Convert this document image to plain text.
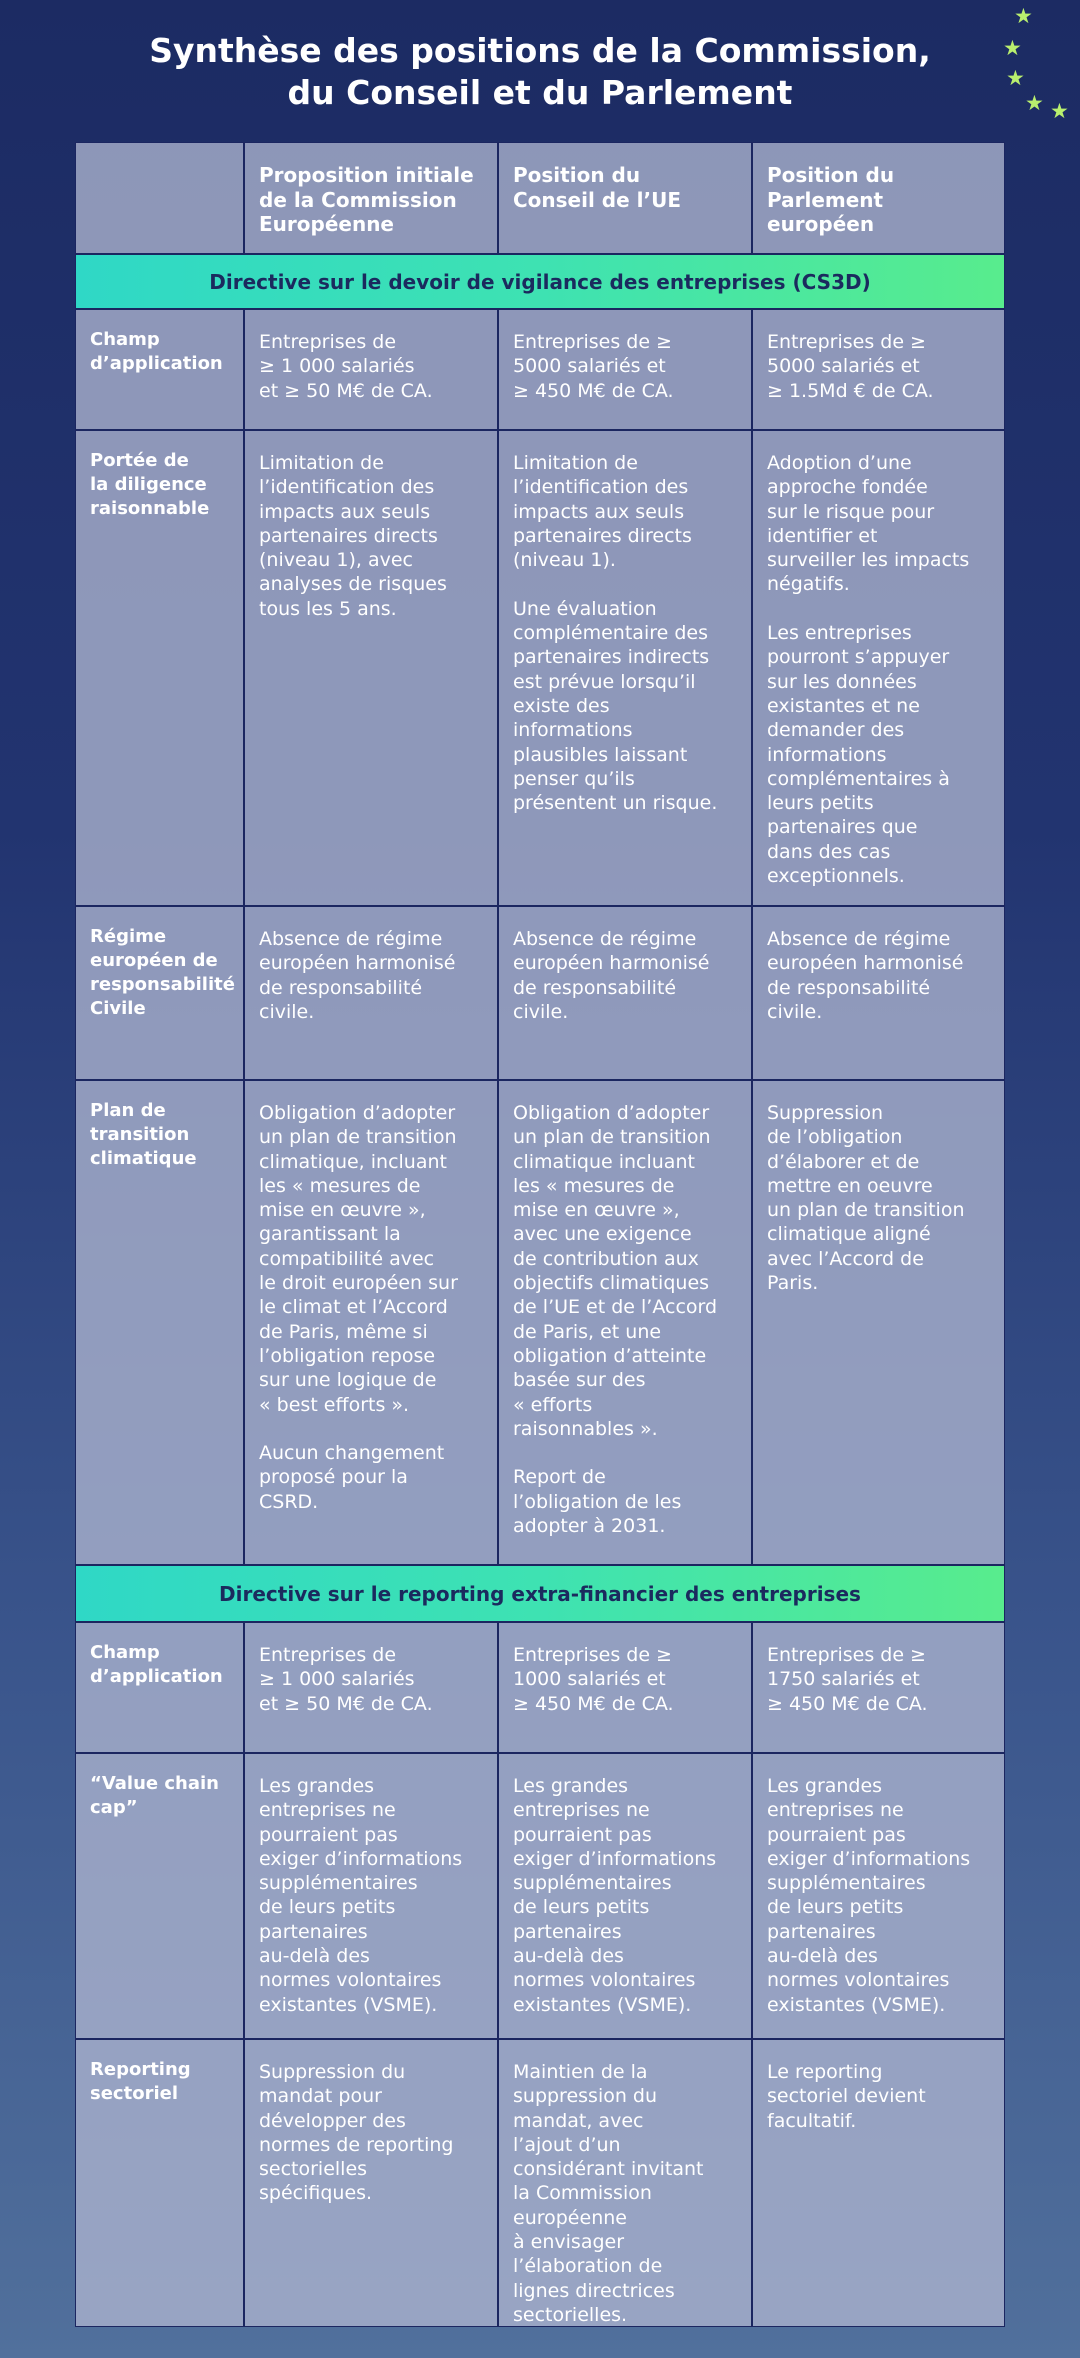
Synthèse des positions de la Commission,
du Conseil et du Parlement
★
★
★
★ ★
Proposition initiale
de la Commission
Européenne
Position du
Conseil de l’UE
Position du
Parlement européen
Directive sur le devoir de vigilance des entreprises (CS3D)
Champ
d’application
Entreprises de
≥ 1 000 salariés
et ≥ 50 M€ de CA.
Entreprises de ≥
5000 salariés et
≥ 450 M€ de CA.
Entreprises de ≥
5000 salariés et
≥ 1.5Md € de CA.
Portée de
la diligence
raisonnable
Limitation de
l’identification des
impacts aux seuls
partenaires directs
(niveau 1), avec
analyses de risques
tous les 5 ans.
Limitation de
l’identification des
impacts aux seuls
partenaires directs
(niveau 1).

Une évaluation
complémentaire des
partenaires indirects
est prévue lorsqu’il
existe des
informations
plausibles laissant
penser qu’ils
présentent un risque.
Adoption d’une
approche fondée
sur le risque pour
identifier et
surveiller les impacts
négatifs.

Les entreprises
pourront s’appuyer
sur les données
existantes et ne
demander des
informations
complémentaires à
leurs petits
partenaires que
dans des cas
exceptionnels.
Régime
européen de
responsabilité
Civile
Absence de régime
européen harmonisé
de responsabilité
civile.
Absence de régime
européen harmonisé
de responsabilité
civile.
Absence de régime
européen harmonisé
de responsabilité
civile.
Plan de
transition
climatique
Obligation d’adopter
un plan de transition
climatique, incluant
les « mesures de
mise en œuvre »,
garantissant la
compatibilité avec
le droit européen sur
le climat et l’Accord
de Paris, même si
l’obligation repose
sur une logique de
« best efforts ».

Aucun changement
proposé pour la
CSRD.
Obligation d’adopter
un plan de transition
climatique incluant
les « mesures de
mise en œuvre »,
avec une exigence
de contribution aux
objectifs climatiques
de l’UE et de l’Accord
de Paris, et une
obligation d’atteinte
basée sur des
« efforts
raisonnables ».

Report de
l’obligation de les
adopter à 2031.
Suppression
de l’obligation
d’élaborer et de
mettre en oeuvre
un plan de transition
climatique aligné
avec l’Accord de
Paris.
Directive sur le reporting extra-financier des entreprises
Champ
d’application
Entreprises de
≥ 1 000 salariés
et ≥ 50 M€ de CA.
Entreprises de ≥
1000 salariés et
≥ 450 M€ de CA.
Entreprises de ≥
1750 salariés et
≥ 450 M€ de CA.
“Value chain
cap”
Les grandes
entreprises ne
pourraient pas
exiger d’informations
supplémentaires
de leurs petits
partenaires
au-delà des
normes volontaires
existantes (VSME).
Les grandes
entreprises ne
pourraient pas
exiger d’informations
supplémentaires
de leurs petits
partenaires
au-delà des
normes volontaires
existantes (VSME).
Les grandes
entreprises ne
pourraient pas
exiger d’informations
supplémentaires
de leurs petits
partenaires
au-delà des
normes volontaires
existantes (VSME).
Reporting
sectoriel
Suppression du
mandat pour
développer des
normes de reporting
sectorielles
spécifiques.
Maintien de la
suppression du
mandat, avec
l’ajout d’un
considérant invitant
la Commission
européenne
à envisager
l’élaboration de
lignes directrices
sectorielles.
Le reporting
sectoriel devient
facultatif.
